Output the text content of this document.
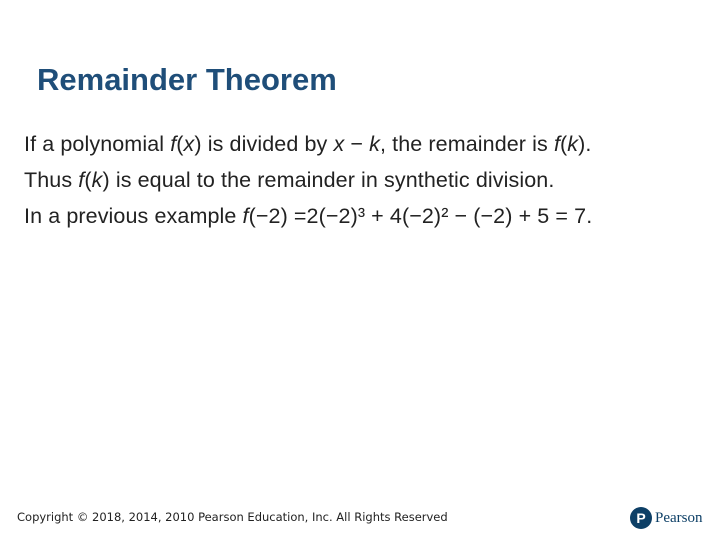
Remainder Theorem
If a polynomial f(x) is divided by x − k, the remainder is f(k).
Thus f(k) is equal to the remainder in synthetic division.
In a previous example f(−2) =2(−2)³ + 4(−2)² − (−2) + 5 = 7.
Copyright © 2018, 2014, 2010 Pearson Education, Inc. All Rights Reserved	P Pearson
